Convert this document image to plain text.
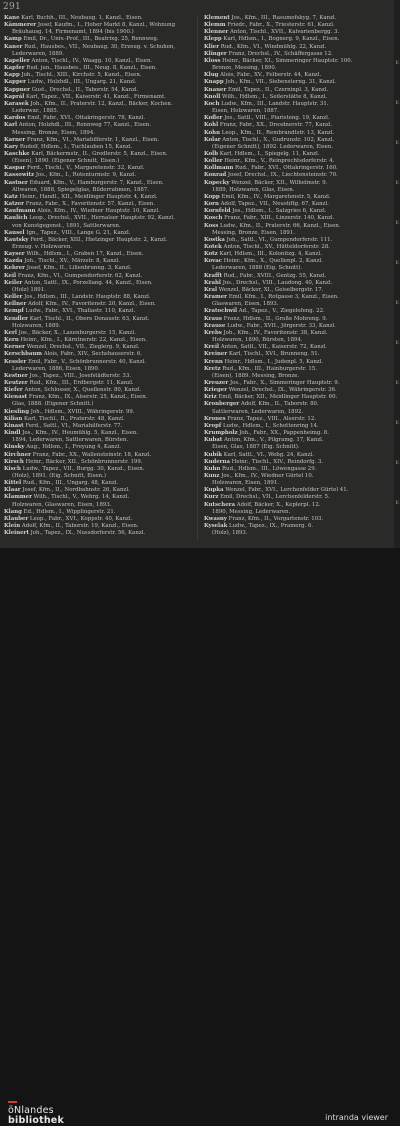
291
Kane Karl, Buchh., III., Neubaug. 1, Kanzl., Eisen.
Kämmerer Josef, Kaufm., I., Hoher Markt 8, Kanzl., Wohnung
Bräuhausg. 14, Firmenamt, 1894 (bis 1900.)
Kamp Emil, Dr., Univ.-Prof., III., Beatrixg. 25, Rennweg.
Kaner Rud., Hausbes., VII., Neubaug. 30, Erzeug. v. Schuhen,
Lederwaren, 1889.
Kapeller Anton, Tischl., IV., Waagg. 10, Kanzl., Eisen.
Kapfer Rud. jun., Hausbes., III., Neug. 8, Kanzl., Eisen.
Kapp Joh., Tischl., XIII., Kirchstr. 5, Kanzl., Eisen.
Kapper Ludw., Holzhdl., III., Ungarg. 21, Kanzl.
Kappner Gust., Drechsl., II., Taborstr. 54, Kanzl.
Kaprál Karl, Tapez., VII., Kaiserstr. 41, Kanzl., Firmenamt.
Karasek Joh., Kfm., II., Praterstr. 12, Kanzl., Bäcker, Kochen.
Lederwar., 1885.
Kardos Emil, Fabr., XVI., Ottakringerstr. 78, Kanzl.
Karl Anton, Holzhdl., III., Rennweg 77, Kanzl., Eisen.
Messing, Bronze, Eisen, 1894.
Karner Franz, Kfm., VI., Mariahilferstr. 1, Kanzl., Eisen.
Kary Rudolf, Hdlsm., I., Tuchlauben 15, Kanzl.
Kaschke Karl, Bäckermstr., II., Gredlerstr. 5, Kanzl., Eisen.
(Eisen), 1890. (Eigener Schnitt, Eisen.)
Kaspar Ferd., Tischl., V., Margaretenstr. 32, Kanzl.
Kassowitz Jos., Kfm., I., Rotenturmstr. 9, Kanzl.
Kastner Eduard, Kfm., V., Hamburgerstr. 7, Kanzl., Eisen.
Altwaren, 1888, Spiegelglas, Bilderrahmen, 1887.
Katz Heinr., Handl., XII., Meidlinger Hauptstr. 4, Kanzl.
Katzer Franz, Fabr., X., Favoritenstr. 57, Kanzl., Eisen.
Kaufmann Alois, Kfm., IV., Wiedner Hauptstr. 10, Kanzl.
Kaulich Leop., Drechsl., XVII., Hernalser Hauptstr. 92, Kanzl.
von Kunstgegenst., 1891, Sattlerwaren.
Kausel Ign., Tapez., VIII., Lange G. 21, Kanzl.
Kautsky Ferd., Bäcker, XIII., Hietzinger Hauptstr. 2, Kanzl.
Erzeug. v. Holzwaren.
Kayser Wilh., Hdlsm., I., Graben 17, Kanzl., Eisen.
Kazda Joh., Tischl., XV., Märzstr. 8, Kanzl.
Kehrer Josef, Kfm., II., Lilienbrunng. 3, Kanzl.
Keil Franz, Kfm., VI., Gumpendorferstr. 62, Kanzl.
Keiler Anton, Sattl., IX., Porzellang. 44, Kanzl., Eisen.
(Holz) 1891.
Keller Jos., Hdlsm., III., Landstr. Hauptstr. 88, Kanzl.
Kellner Adolf, Kfm., IV., Favoritenstr. 20, Kanzl., Eisen.
Kempf Ludw., Fabr., XVI., Thaliastr. 110, Kanzl.
Kendler Karl, Tischl., II., Obere Donaustr. 63, Kanzl.
Holzwaren, 1889.
Kerl Jos., Bäcker, X., Laxenburgerstr. 15, Kanzl.
Kern Heinr., Kfm., I., Kärntnerstr. 22, Kanzl., Eisen.
Kerner Wenzel, Drechsl., VII., Zieglerg. 9, Kanzl.
Kerschbaum Alois, Fabr., XIV., Sechshauserstr. 6.
Kessler Emil, Fabr., V., Schönbrunnerstr. 40, Kanzl.
Lederwaren, 1886, Eisen, 1890.
Kestner Jos., Tapez., VIII., Josefstädterstr. 33.
Keutzer Rud., Kfm., III., Erdbergstr. 11, Kanzl.
Kiefer Anton, Schlosser, X., Quellenstr. 80, Kanzl.
Kienast Franz, Kfm., IX., Alserstr. 25, Kanzl., Eisen.
Glas, 1888. (Eigener Schnitt.)
Kiesling Joh., Hdlsm., XVIII., Währingerstr. 99.
Kilian Karl, Tischl., II., Praterstr. 48, Kanzl.
Kinast Ferd., Sattl., VI., Mariahilferstr. 77.
Kindl Jos., Kfm., IV., Heumühlg. 5, Kanzl., Eisen.
1894, Lederwaren, Sattlerwaren, Bürsten.
Kinsky Aug., Hdlsm., I., Freyung 4, Kanzl.
Kirchner Franz, Fabr., XX., Wallensteinstr. 18, Kanzl.
Kirsch Heinr., Bäcker, XII., Schönbrunnerstr. 199.
Kisch Ludw., Tapez., VII., Burgg. 30, Kanzl., Eisen.
(Holz), 1891. (Eig. Schnitt, Eisen.)
Kittel Rud., Kfm., III., Ungarg. 48, Kanzl.
Klaar Josef, Kfm., II., Nordbahnstr. 26, Kanzl.
Klammer Wilh., Tischl., V., Wehrg. 14, Kanzl.
Holzwaren, Glaswaren, Eisen, 1893.
Klang Ed., Hdlsm., I., Wipplingerstr. 21.
Klauber Leop., Fabr., XVI., Koppstr. 40, Kanzl.
Klein Adolf, Kfm., II., Taborstr. 19, Kanzl., Eisen.
Kleinert Joh., Tapez., IX., Nussdorferstr. 56, Kanzl.
Klement Jos., Kfm., III., Rasumofskyg. 7, Kanzl.
Klemm Friedr., Fabr., X., Triesterstr. 61, Kanzl.
Klenner Anton, Tischl., XVII., Kalvarienbergg. 3.
Klepp Karl, Hdlsm., I., Bognerg. 9, Kanzl., Eisen.
Klier Rud., Kfm., VI., Windmühlg. 22, Kanzl.
Klinger Franz, Drechsl., IV., Schäffergasse 12.
Kloss Heinr., Bäcker, XI., Simmeringer Hauptstr. 100.
Bronze, Messing, 1890.
Klug Alois, Fabr., XV., Felberstr. 44, Kanzl.
Knapp Joh., Kfm., VII., Siebensterng. 31, Kanzl.
Knauer Emil, Tapez., II., Czerninpl. 3, Kanzl.
Knoll Wilh., Hdlsm., I., Seilerstätte 8, Kanzl.
Koch Ludw., Kfm., III., Landstr. Hauptstr. 31.
Eisen, Holzwaren, 1887.
Kofler Jos., Sattl., VIII., Piaristeng. 19, Kanzl.
Kohl Franz, Fabr., XX., Dresdnerstr. 77, Kanzl.
Kohn Leop., Kfm., II., Rembrandtstr. 13, Kanzl.
Kolar Anton, Tischl., X., Gudrunstr. 102, Kanzl.
(Eigener Schnitt), 1892. Lederwaren, Eisen.
Kolb Karl, Hdlsm., I., Spiegelg. 11, Kanzl.
Koller Heinr., Kfm., V., Reinprechtsdorferstr. 4.
Kollmann Rud., Fabr., XVI., Ottakringerstr. 160.
Konrad Josef, Drechsl., IX., Liechtensteinstr. 70.
Kopecky Wenzel, Bäcker, XII., Wilhelmstr. 9.
1889, Holzwaren, Glas, Eisen.
Kopp Emil, Kfm., IV., Margaretenstr. 5, Kanzl.
Korn Adolf, Tapez., VII., Neustiftg. 67, Kanzl.
Kornfeld Jos., Hdlsm., I., Salzgries 6, Kanzl.
Kosch Franz, Fabr., XIII., Linzerstr. 140, Kanzl.
Koss Ludw., Kfm., II., Praterstr. 66, Kanzl., Eisen.
Messing, Bronze, Eisen, 1891.
Kostka Joh., Sattl., VI., Gumpendorferstr. 111.
Kotek Anton, Tischl., XV., Hütteldorferstr. 28.
Kotz Karl, Hdlsm., III., Kolonitzg. 4, Kanzl.
Kovac Heinr., Kfm., X., Quellenpl. 2, Kanzl.
Lederwaren, 1888 (Eig. Schnitt).
Krafft Rud., Fabr., XVIII., Gentzg. 55, Kanzl.
Krahl Jos., Drechsl., VIII., Laudong. 40, Kanzl.
Kral Wenzel, Bäcker, XI., Geiselbergstr. 17.
Kramer Emil, Kfm., I., Rotgasse 3, Kanzl., Eisen.
Glaswaren, Eisen, 1893.
Kratochwil Ad., Tapez., V., Ziegelofeng. 22.
Kraus Franz, Hdlsm., II., Große Mohreng. 9.
Krause Ludw., Fabr., XVII., Jörgerstr. 33, Kanzl.
Krebs Joh., Kfm., IV., Favoritenstr. 38, Kanzl.
Holzwaren, 1890, Bürsten, 1894.
Kreil Anton, Sattl., VII., Kaiserstr. 72, Kanzl.
Kreiner Karl, Tischl., XVI., Brunneng. 51.
Krenn Heinr., Hdlsm., I., Judenpl. 5, Kanzl.
Kretz Rud., Kfm., III., Hainburgerstr. 15.
(Eisen), 1889. Messing, Bronze.
Kreuzer Jos., Fabr., X., Simmeringer Hauptstr. 9.
Krieger Wenzel, Drechsl., IX., Währingerstr. 36.
Kriz Emil, Bäcker, XII., Meidlinger Hauptstr. 60.
Kronberger Adolf, Kfm., II., Taborstr. 80.
Sattlerwaren, Lederwaren, 1892.
Krones Franz, Tapez., VIII., Alserstr. 12.
Kropf Ludw., Hdlsm., I., Schottenring 14.
Krumpholz Joh., Fabr., XX., Pappenheimg. 8.
Kubat Anton, Kfm., V., Pilgramg. 17, Kanzl.
Eisen, Glas, 1887 (Eig. Schnitt).
Kubik Karl, Sattl., VI., Webg. 24, Kanzl.
Kuderna Heinr., Tischl., XIV., Reindorfg. 3.
Kuhn Rud., Hdlsm., III., Löwengasse 29.
Kunz Jos., Kfm., IV., Wiedner Gürtel 10.
Holzwaren, Eisen, 1891.
Kupka Wenzel, Fabr., XVI., Lerchenfelder Gürtel 41.
Kurz Emil, Drechsl., VII., Lerchenfelderstr. 5.
Kutschera Adolf, Bäcker, X., Keplerpl. 12.
1890, Messing, Lederwaren.
Kwasny Franz, Kfm., II., Vorgartenstr. 103.
Kyselak Ludw., Tapez., IX., Pramerg. 6.
(Holz), 1893.
K
K
K
K
K
K
K
K
K
K
K
K
öNlandes
bibliothek	intranda viewer
